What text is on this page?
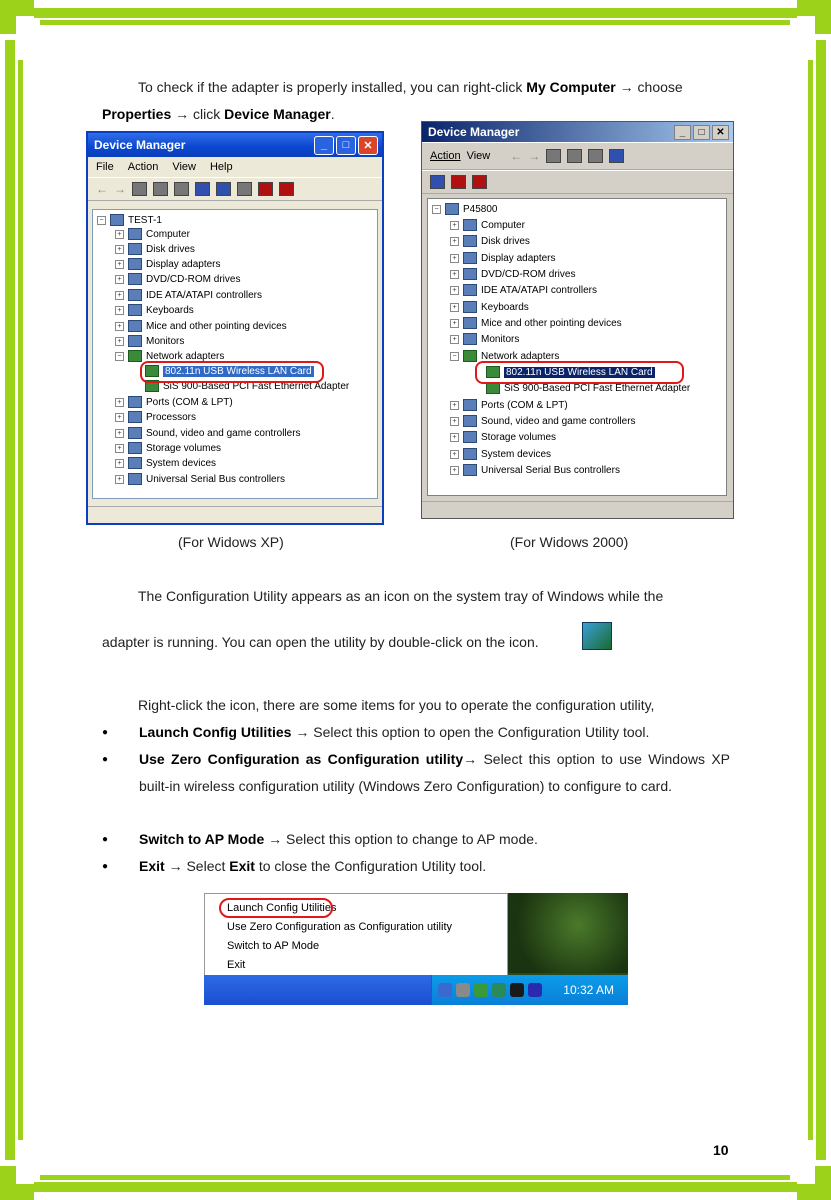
To check if the adapter is properly installed, you can right-click My Computer → choose Properties → click Device Manager.
Device Manager	_	□	✕
File Action View Help
← →
− TEST-1
+ Computer
+ Disk drives
+ Display adapters
+ DVD/CD-ROM drives
+ IDE ATA/ATAPI controllers
+ Keyboards
+ Mice and other pointing devices
+ Monitors
− Network adapters
802.11n USB Wireless LAN Card
SiS 900-Based PCI Fast Ethernet Adapter
+ Ports (COM & LPT)
+ Processors
+ Sound, video and game controllers
+ Storage volumes
+ System devices
+ Universal Serial Bus controllers
Device Manager	_	□	✕
Action View ← →
− P45800
+ Computer
+ Disk drives
+ Display adapters
+ DVD/CD-ROM drives
+ IDE ATA/ATAPI controllers
+ Keyboards
+ Mice and other pointing devices
+ Monitors
− Network adapters
802.11n USB Wireless LAN Card
SiS 900-Based PCI Fast Ethernet Adapter
+ Ports (COM & LPT)
+ Sound, video and game controllers
+ Storage volumes
+ System devices
+ Universal Serial Bus controllers
(For Widows XP)	(For Widows 2000)
The Configuration Utility appears as an icon on the system tray of Windows while the
adapter is running. You can open the utility by double-click on the icon.
Right-click the icon, there are some items for you to operate the configuration utility,
● Launch Config Utilities → Select this option to open the Configuration Utility tool.
● Use Zero Configuration as Configuration utility→ Select this option to use Windows XP built-in wireless configuration utility (Windows Zero Configuration) to configure to card.
● Switch to AP Mode → Select this option to change to AP mode.
● Exit → Select Exit to close the Configuration Utility tool.
Launch Config Utilities
Use Zero Configuration as Configuration utility
Switch to AP Mode
Exit
10:32 AM
10
